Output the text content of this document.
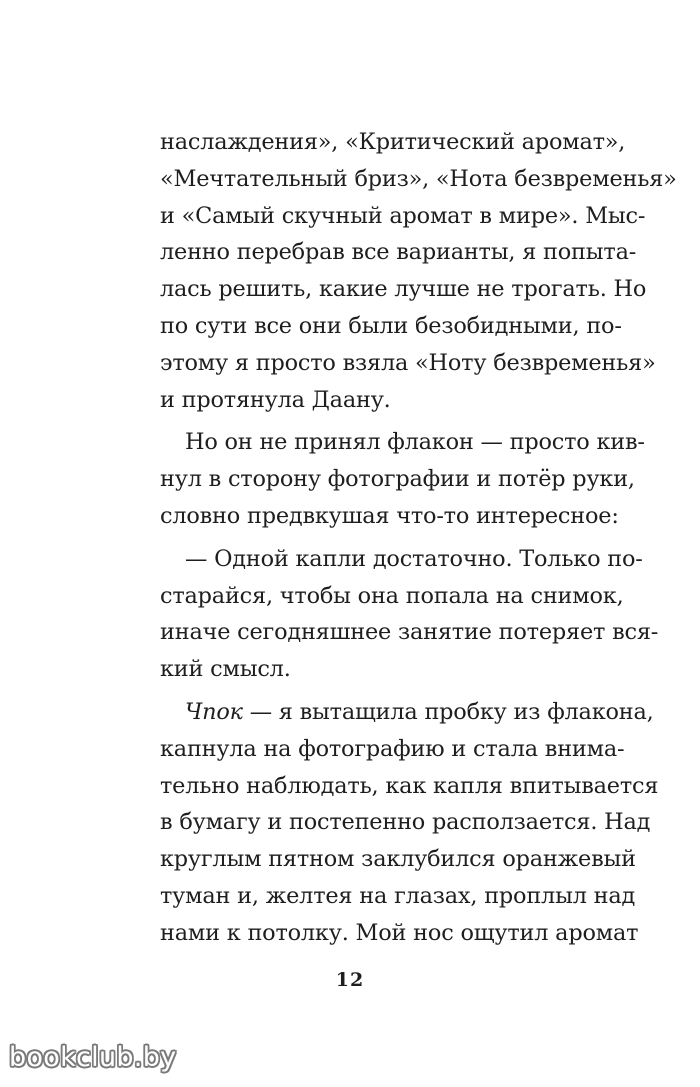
наслаждения», «Критический аромат»,
«Мечтательный бриз», «Нота безвременья»
и «Самый скучный аромат в мире». Мыс-
ленно перебрав все варианты, я попыта-
лась решить, какие лучше не трогать. Но
по сути все они были безобидными, по-
этому я просто взяла «Ноту безвременья»
и протянула Даану.

Но он не принял флакон — просто кив-
нул в сторону фотографии и потёр руки,
словно предвкушая что-то интересное:

— Одной капли достаточно. Только по-
старайся, чтобы она попала на снимок,
иначе сегодняшнее занятие потеряет вся-
кий смысл.

Чпок — я вытащила пробку из флакона,
капнула на фотографию и стала внима-
тельно наблюдать, как капля впитывается
в бумагу и постепенно расползается. Над
круглым пятном заклубился оранжевый
туман и, желтея на глазах, проплыл над
нами к потолку. Мой нос ощутил аромат

12
bookclub.by
